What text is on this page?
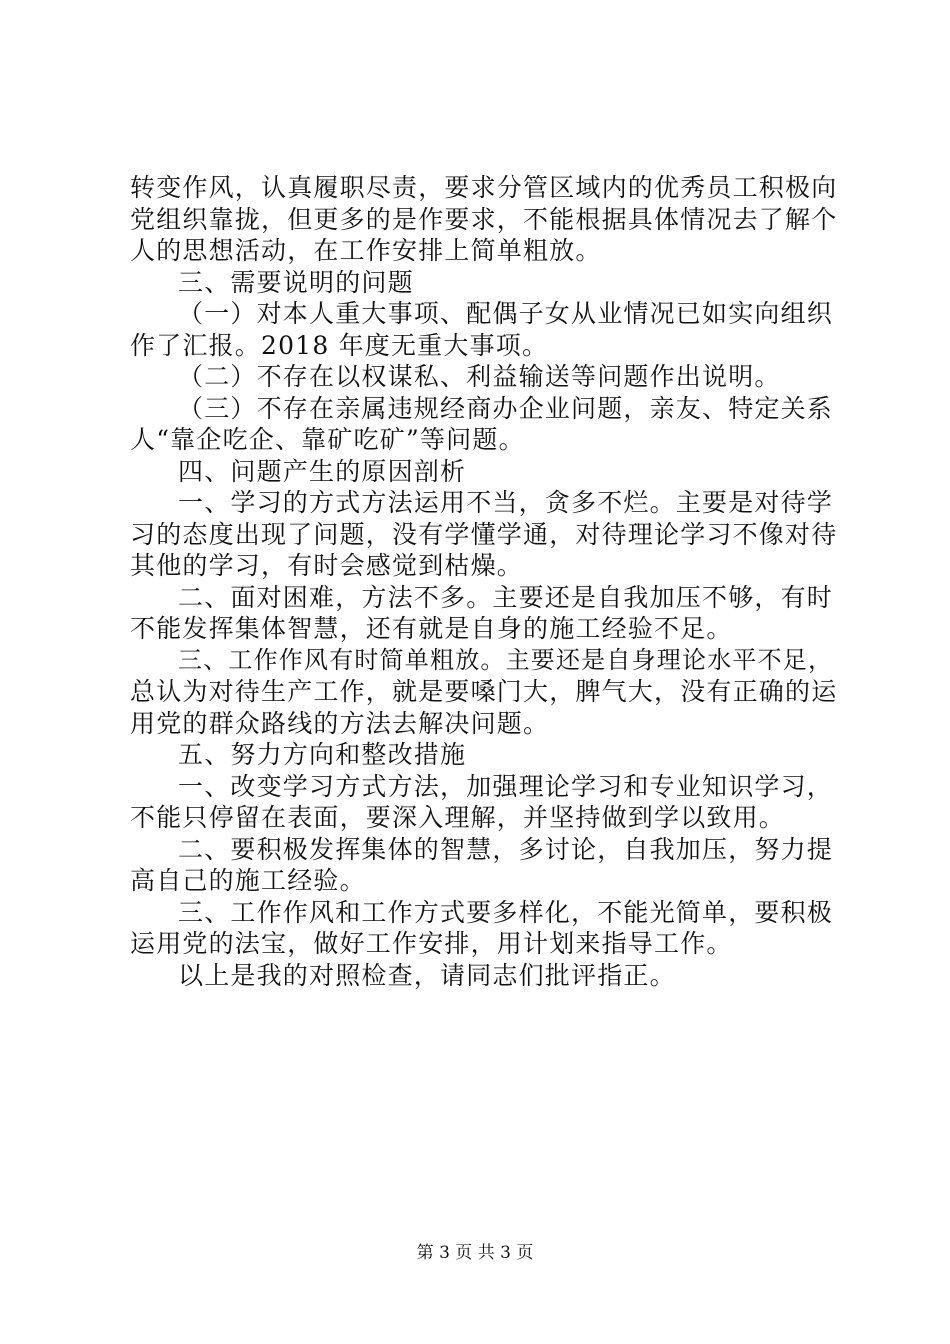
转变作风，认真履职尽责，要求分管区域内的优秀员工积极向
党组织靠拢，但更多的是作要求，不能根据具体情况去了解个
人的思想活动，在工作安排上简单粗放。
三、需要说明的问题
（一）对本人重大事项、配偶子女从业情况已如实向组织
作了汇报。2018 年度无重大事项。
（二）不存在以权谋私、利益输送等问题作出说明。
（三）不存在亲属违规经商办企业问题，亲友、特定关系
人“靠企吃企、靠矿吃矿”等问题。
四、问题产生的原因剖析
一、学习的方式方法运用不当，贪多不烂。主要是对待学
习的态度出现了问题，没有学懂学通，对待理论学习不像对待
其他的学习，有时会感觉到枯燥。
二、面对困难，方法不多。主要还是自我加压不够，有时
不能发挥集体智慧，还有就是自身的施工经验不足。
三、工作作风有时简单粗放。主要还是自身理论水平不足，
总认为对待生产工作，就是要嗓门大，脾气大，没有正确的运
用党的群众路线的方法去解决问题。
五、努力方向和整改措施
一、改变学习方式方法，加强理论学习和专业知识学习，
不能只停留在表面，要深入理解，并坚持做到学以致用。
二、要积极发挥集体的智慧，多讨论，自我加压，努力提
高自己的施工经验。
三、工作作风和工作方式要多样化，不能光简单，要积极
运用党的法宝，做好工作安排，用计划来指导工作。
以上是我的对照检查，请同志们批评指正。
第 3 页 共 3 页
